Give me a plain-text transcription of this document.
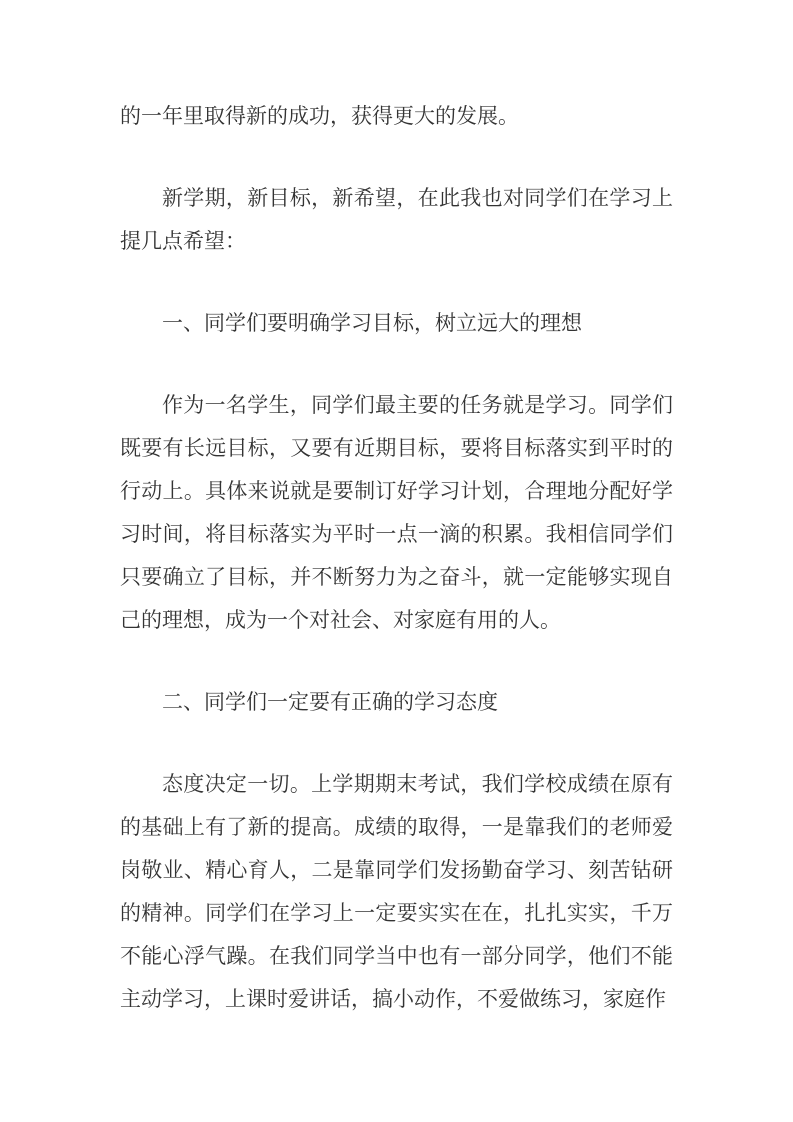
的一年里取得新的成功，获得更大的发展。

新学期，新目标，新希望，在此我也对同学们在学习上提几点希望：

一、同学们要明确学习目标，树立远大的理想

作为一名学生，同学们最主要的任务就是学习。同学们既要有长远目标，又要有近期目标，要将目标落实到平时的行动上。具体来说就是要制订好学习计划，合理地分配好学习时间，将目标落实为平时一点一滴的积累。我相信同学们只要确立了目标，并不断努力为之奋斗，就一定能够实现自己的理想，成为一个对社会、对家庭有用的人。

二、同学们一定要有正确的学习态度

态度决定一切。上学期期末考试，我们学校成绩在原有的基础上有了新的提高。成绩的取得，一是靠我们的老师爱岗敬业、精心育人，二是靠同学们发扬勤奋学习、刻苦钻研的精神。同学们在学习上一定要实实在在，扎扎实实，千万不能心浮气躁。在我们同学当中也有一部分同学，他们不能主动学习，上课时爱讲话，搞小动作，不爱做练习，家庭作
